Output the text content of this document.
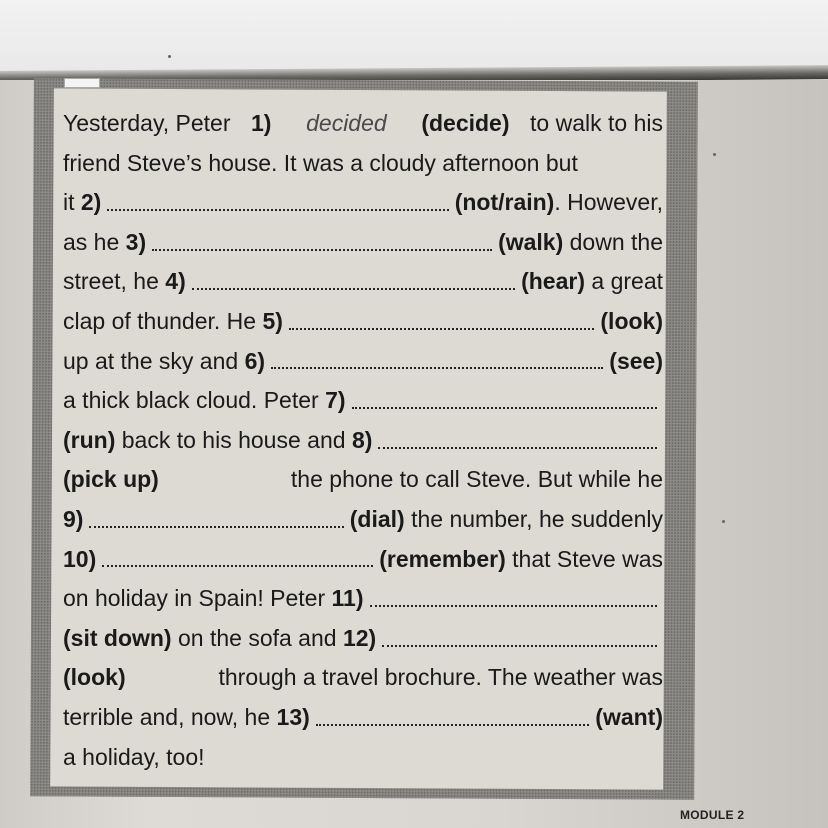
Yesterday, Peter 1)
decided
(decide) to walk to his
friend Steve’s house. It was a cloudy afternoon but
it 2)	(not/rain) . However,
as he 3)	(walk) down the
street, he 4)	(hear) a great
clap of thunder. He 5)	(look)
up at the sky and 6)	(see)
a thick black cloud. Peter 7)
(run) back to his house and 8)
(pick up)	the phone to call Steve. But while he
9)	(dial) the number, he suddenly
10)	(remember) that Steve was
on holiday in Spain! Peter 11)
(sit down) on the sofa and 12)
(look)	through a travel brochure. The weather was
terrible and, now, he 13)	(want)
a holiday, too!
MODULE 2
